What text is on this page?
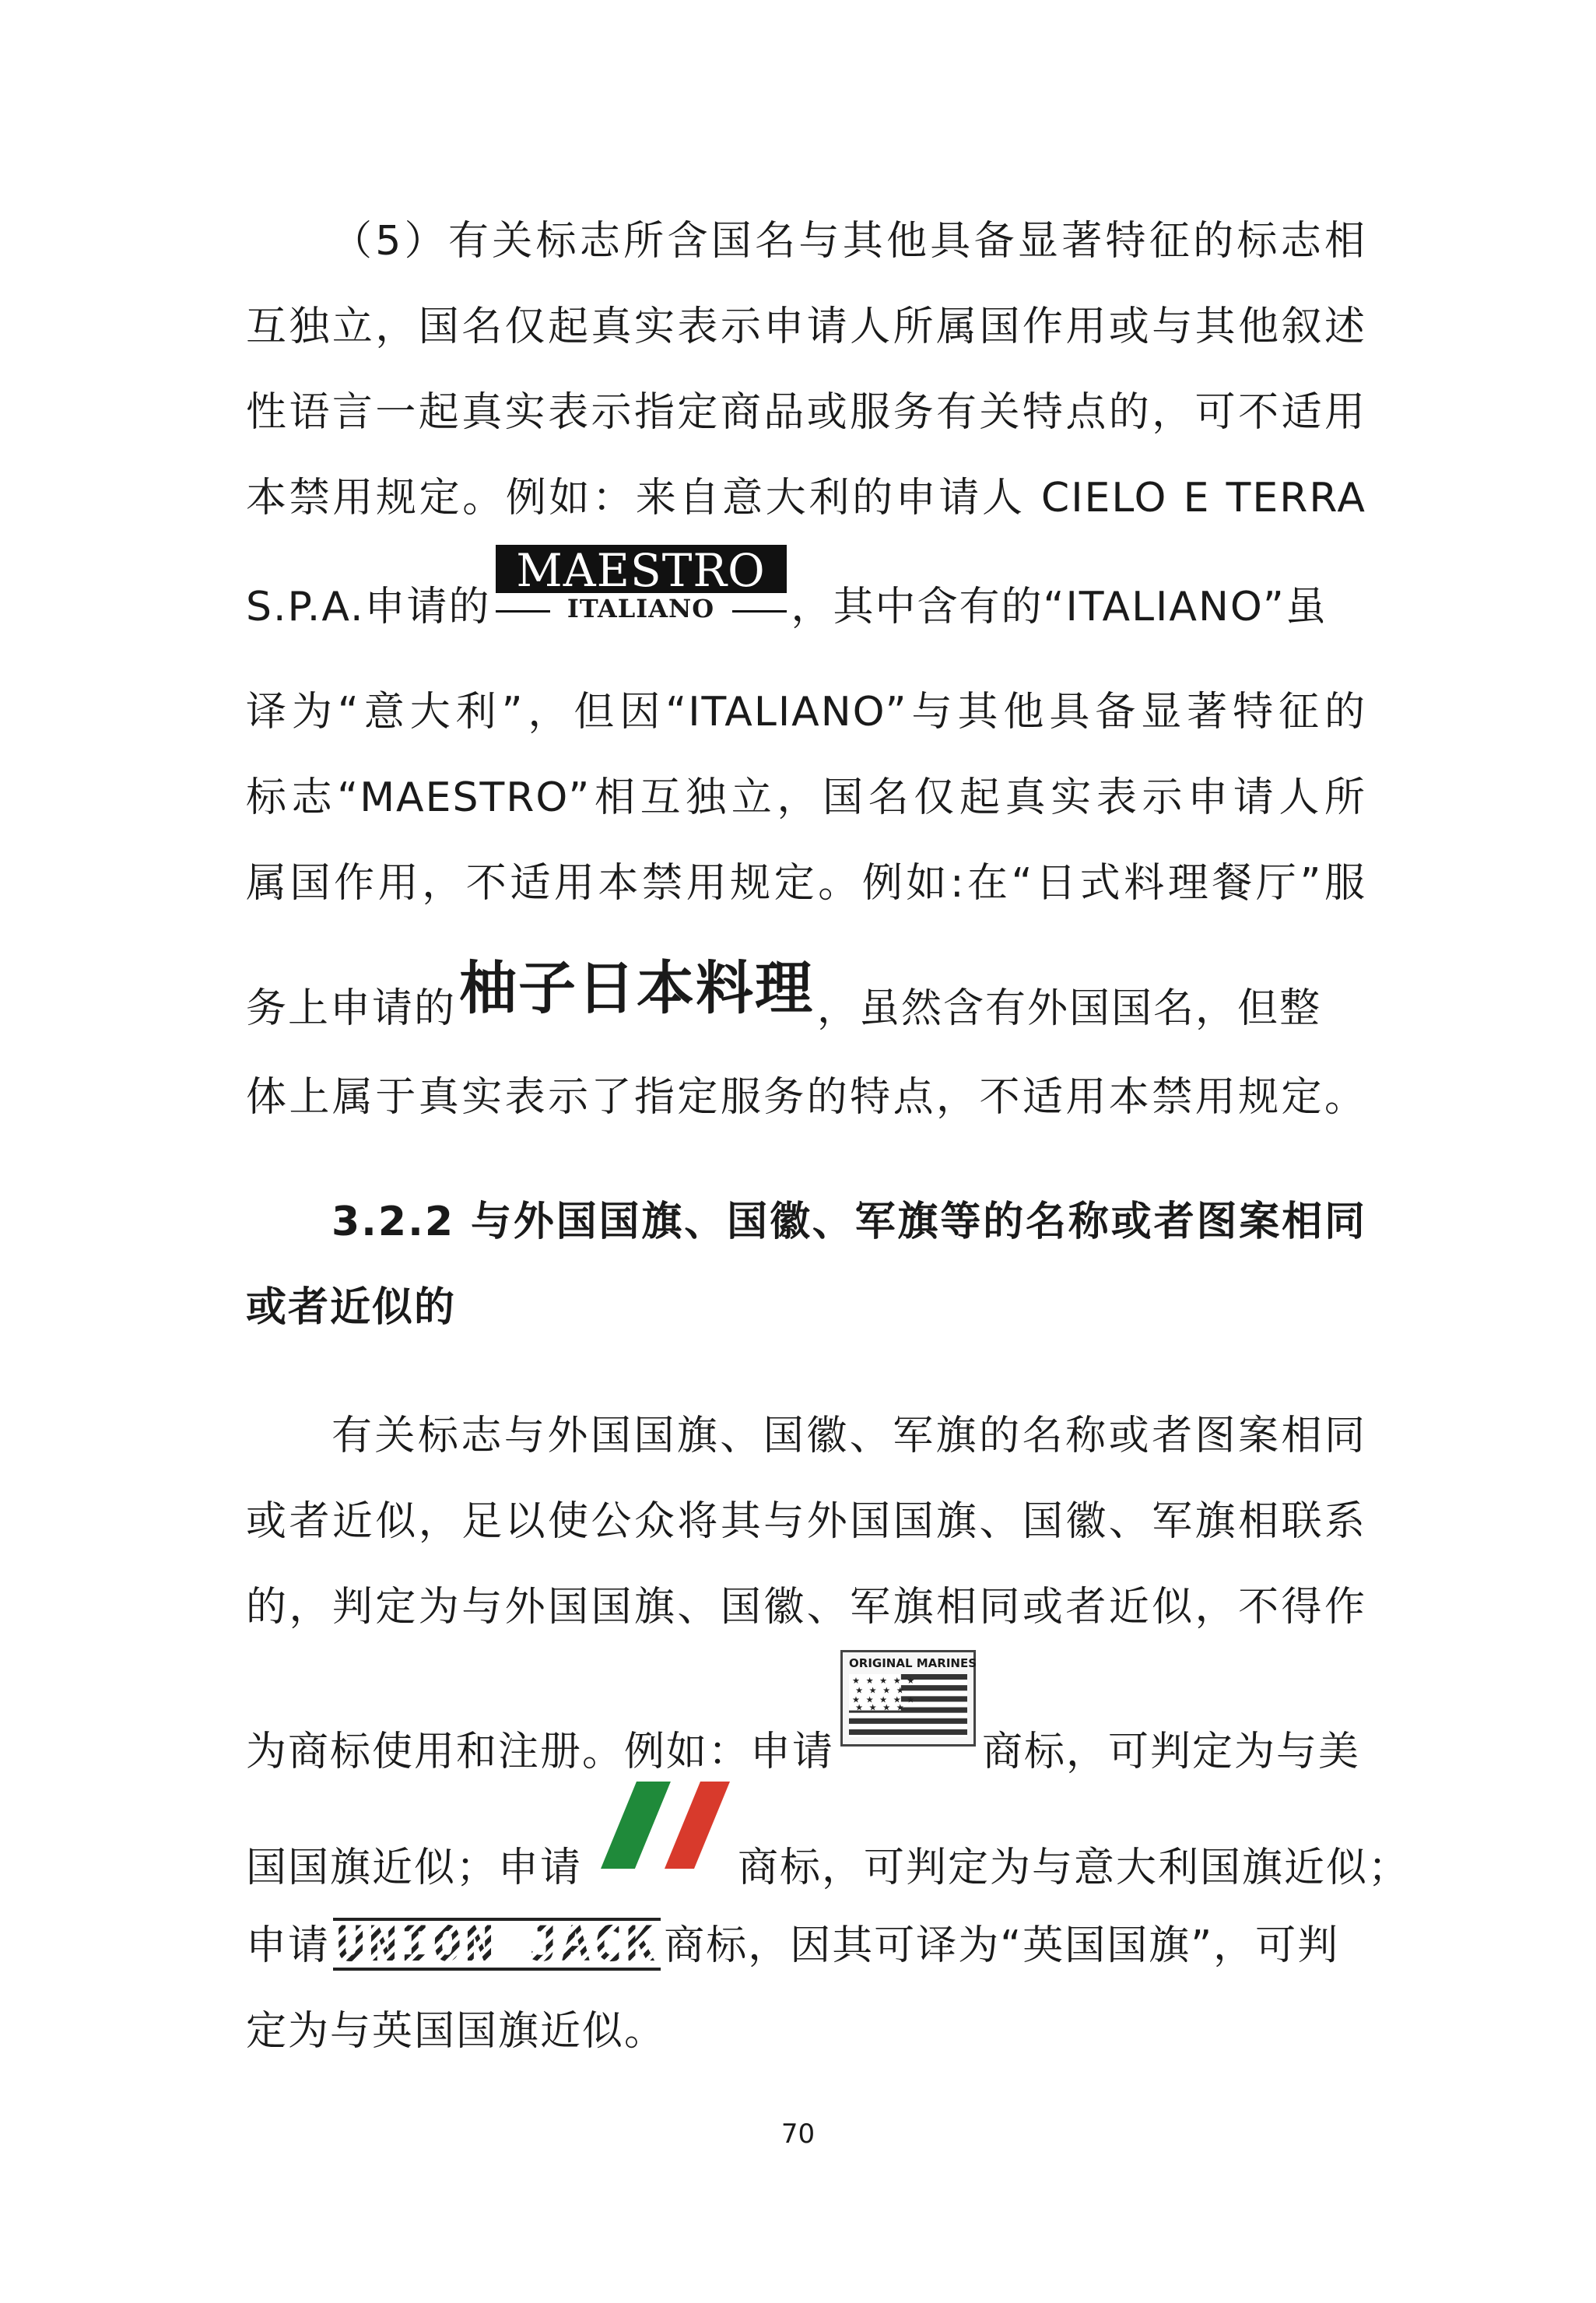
（5）有关标志所含国名与其他具备显著特征的标志相
互独立，国名仅起真实表示申请人所属国作用或与其他叙述
性语言一起真实表示指定商品或服务有关特点的，可不适用
本禁用规定。例如：来自意大利的申请人 CIELO E TERRA
S.P.A.申请的
MAESTRO
ITALIANO	，其中含有的“ITALIANO”虽
译为“意大利”，但因“ITALIANO”与其他具备显著特征的
标志“MAESTRO”相互独立，国名仅起真实表示申请人所
属国作用，不适用本禁用规定。例如:在“日式料理餐厅”服
务上申请的柚子日本料理，虽然含有外国国名，但整
体上属于真实表示了指定服务的特点，不适用本禁用规定。
3.2.2 与外国国旗、国徽、军旗等的名称或者图案相同
或者近似的
有关标志与外国国旗、国徽、军旗的名称或者图案相同
或者近似，足以使公众将其与外国国旗、国徽、军旗相联系
的，判定为与外国国旗、国徽、军旗相同或者近似，不得作
为商标使用和注册。例如：申请
ORIGINAL MARINES
★ ★ ★ ★ ★
★ ★ ★ ★
★ ★ ★ ★ ★
★ ★ ★ ★
商标，可判定为与美
国国旗近似；申请	商标，可判定为与意大利国旗近似；
申请 UNION JACK 商标，因其可译为“英国国旗”，可判
定为与英国国旗近似。
70
